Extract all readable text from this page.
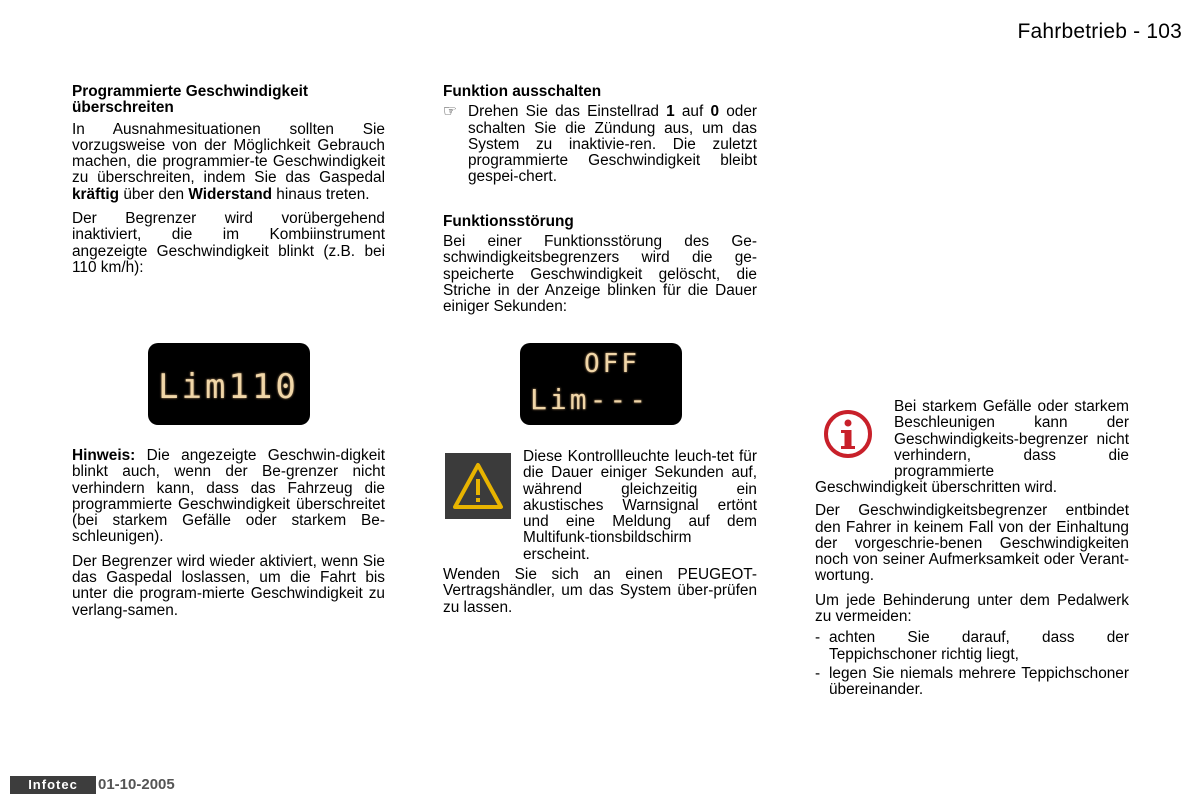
Fahrbetrieb - 103
Programmierte Geschwindigkeit überschreiten

In Ausnahmesituationen sollten Sie vorzugsweise von der Möglichkeit Gebrauch machen, die programmier-te Geschwindigkeit zu überschreiten, indem Sie das Gaspedal kräftig über den Widerstand hinaus treten.

Der Begrenzer wird vorübergehend inaktiviert, die im Kombiinstrument angezeigte Geschwindigkeit blinkt (z.B. bei 110 km/h):

Lim110

Hinweis: Die angezeigte Geschwin-digkeit blinkt auch, wenn der Be-grenzer nicht verhindern kann, dass das Fahrzeug die programmierte Geschwindigkeit überschreitet (bei starkem Gefälle oder starkem Be-schleunigen).

Der Begrenzer wird wieder aktiviert, wenn Sie das Gaspedal loslassen, um die Fahrt bis unter die program-mierte Geschwindigkeit zu verlang-samen.

Funktion ausschalten
☞ Drehen Sie das Einstellrad 1 auf 0 oder schalten Sie die Zündung aus, um das System zu inaktivie-ren. Die zuletzt programmierte Geschwindigkeit bleibt gespei-chert.
Funktionsstörung

Bei einer Funktionsstörung des Ge-schwindigkeitsbegrenzers wird die ge-speicherte Geschwindigkeit gelöscht, die Striche in der Anzeige blinken für die Dauer einiger Sekunden:

OFF
Lim---

Diese Kontrollleuchte leuch-tet für die Dauer einiger Sekunden auf, während gleichzeitig ein akustisches Warnsignal ertönt und eine Meldung auf dem Multifunk-tionsbildschirm erscheint.

Wenden Sie sich an einen PEUGEOT-Vertragshändler, um das System über-prüfen zu lassen.

Bei starkem Gefälle oder starkem Beschleunigen kann der Geschwindigkeits-begrenzer nicht verhindern, dass die programmierte

Geschwindigkeit überschritten wird.

Der Geschwindigkeitsbegrenzer entbindet den Fahrer in keinem Fall von der Einhaltung der vorgeschrie-benen Geschwindigkeiten noch von seiner Aufmerksamkeit oder Verant-wortung.

Um jede Behinderung unter dem Pedalwerk zu vermeiden:

- achten Sie darauf, dass der Teppichschoner richtig liegt,
- legen Sie niemals mehrere Teppichschoner übereinander.
Infotec	01-10-2005
